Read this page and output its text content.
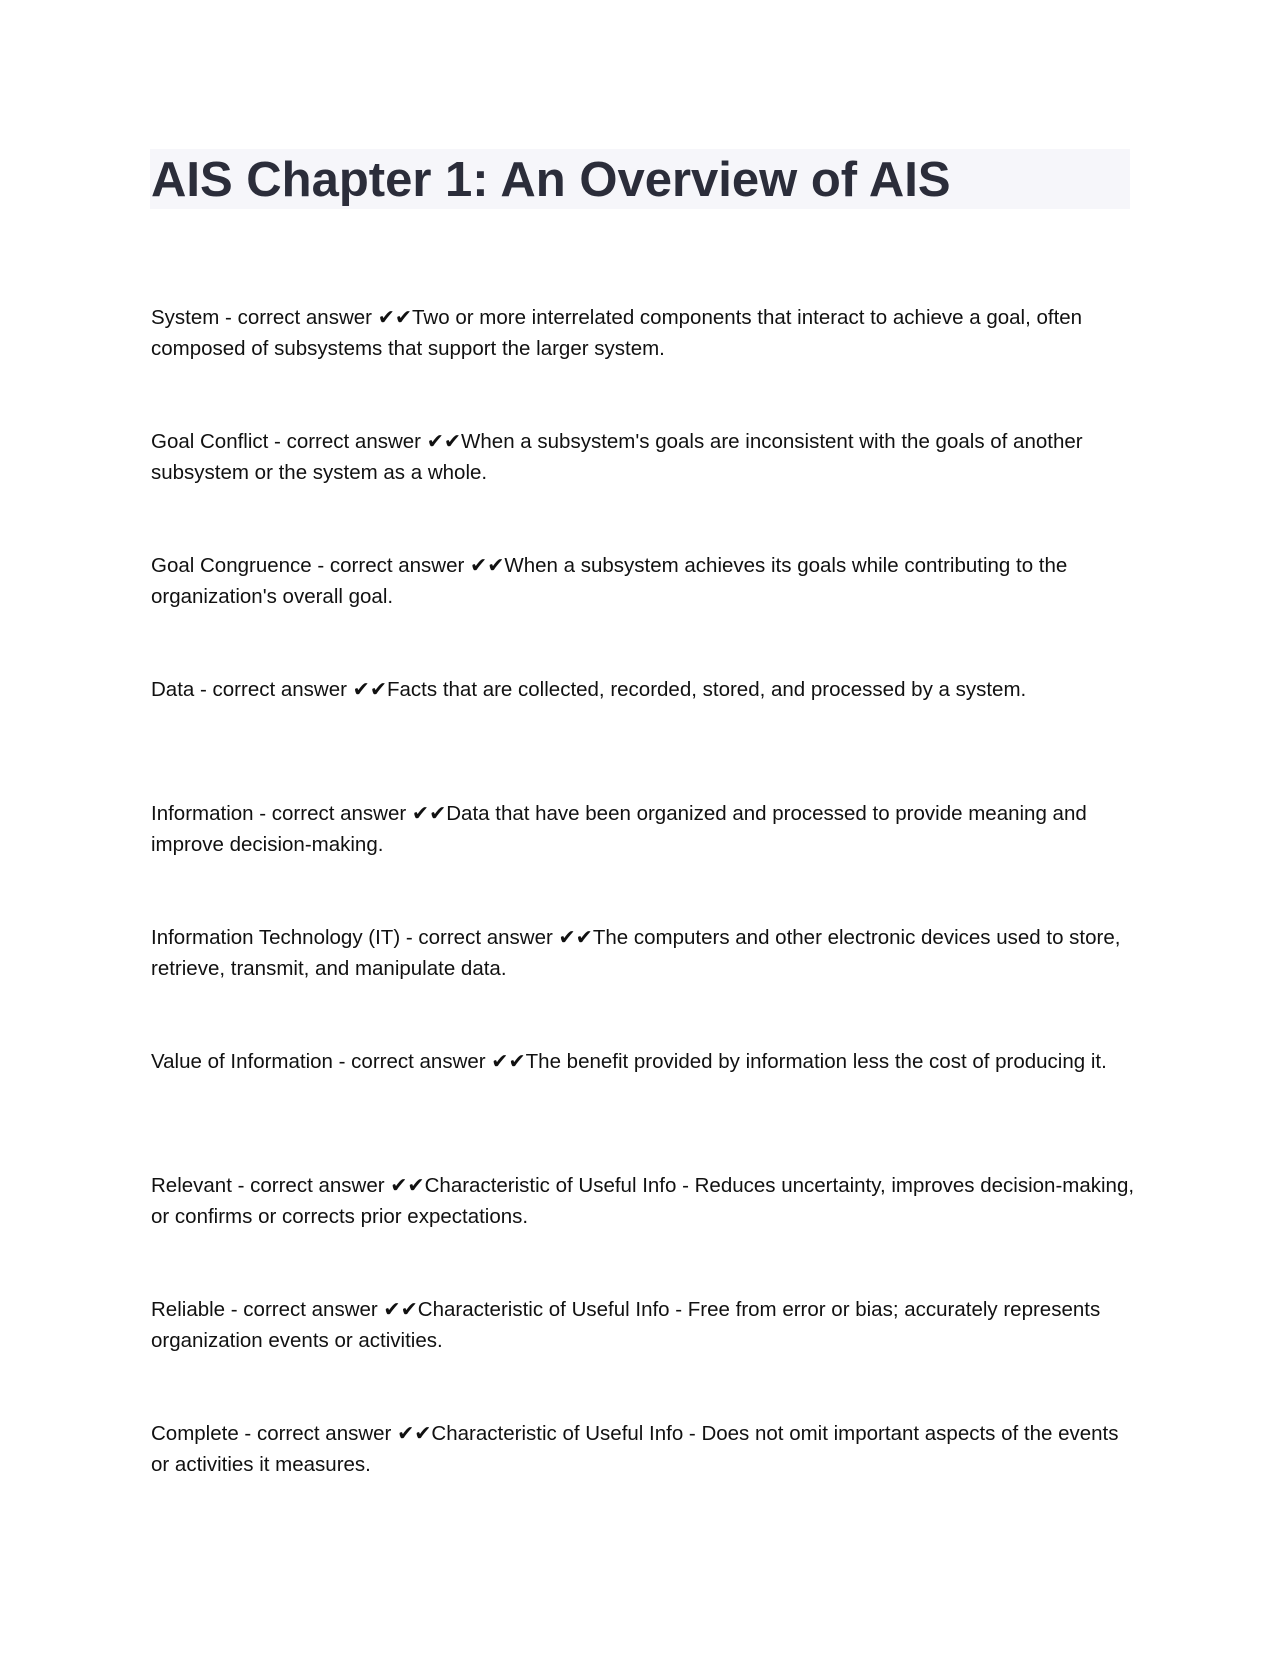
AIS Chapter 1: An Overview of AIS
System - correct answer ✔✔Two or more interrelated components that interact to achieve a goal, often composed of subsystems that support the larger system.
Goal Conflict - correct answer ✔✔When a subsystem's goals are inconsistent with the goals of another subsystem or the system as a whole.
Goal Congruence - correct answer ✔✔When a subsystem achieves its goals while contributing to the organization's overall goal.
Data - correct answer ✔✔Facts that are collected, recorded, stored, and processed by a system.
Information - correct answer ✔✔Data that have been organized and processed to provide meaning and improve decision-making.
Information Technology (IT) - correct answer ✔✔The computers and other electronic devices used to store, retrieve, transmit, and manipulate data.
Value of Information - correct answer ✔✔The benefit provided by information less the cost of producing it.
Relevant - correct answer ✔✔Characteristic of Useful Info - Reduces uncertainty, improves decision-making, or confirms or corrects prior expectations.
Reliable - correct answer ✔✔Characteristic of Useful Info - Free from error or bias; accurately represents organization events or activities.
Complete - correct answer ✔✔Characteristic of Useful Info - Does not omit important aspects of the events or activities it measures.
